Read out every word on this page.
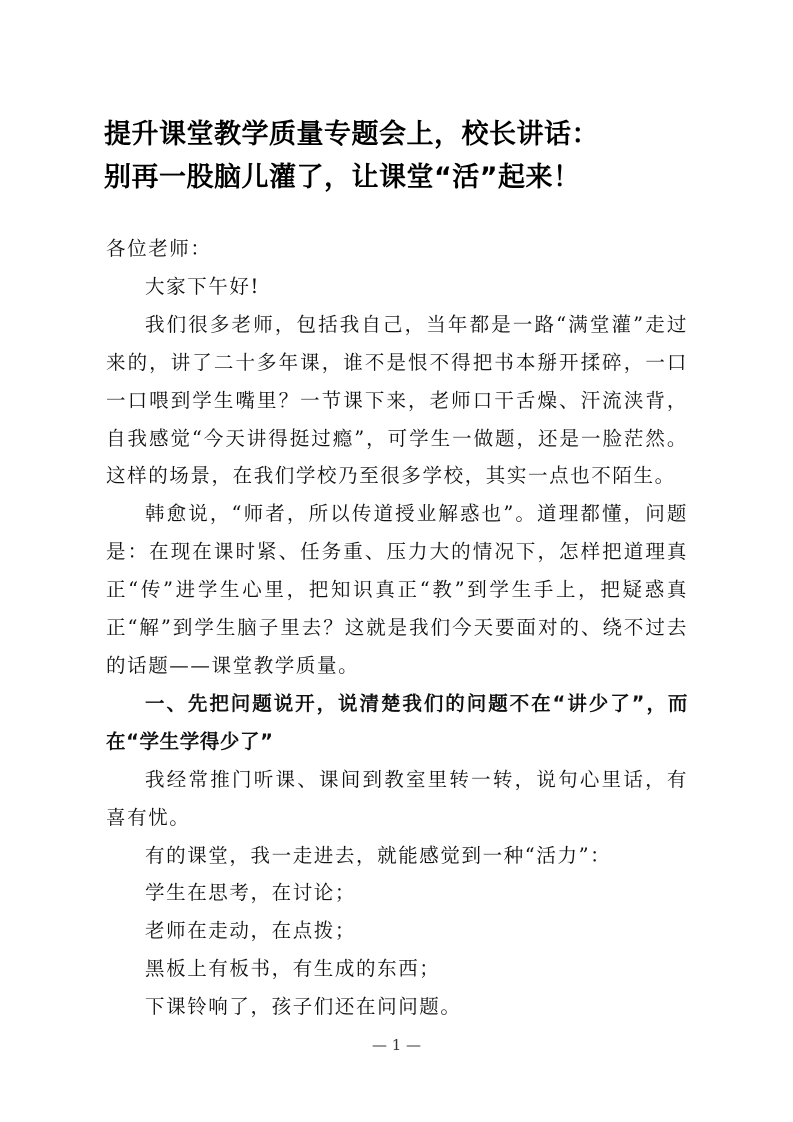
提升课堂教学质量专题会上，校长讲话：
别再一股脑儿灌了，让课堂“活”起来！

各位老师：

大家下午好!

我们很多老师，包括我自己，当年都是一路“满堂灌”走过来的，讲了二十多年课，谁不是恨不得把书本掰开揉碎，一口一口喂到学生嘴里？一节课下来，老师口干舌燥、汗流浃背，自我感觉“今天讲得挺过瘾”，可学生一做题，还是一脸茫然。这样的场景，在我们学校乃至很多学校，其实一点也不陌生。

韩愈说，“师者，所以传道授业解惑也”。道理都懂，问题是：在现在课时紧、任务重、压力大的情况下，怎样把道理真正“传”进学生心里，把知识真正“教”到学生手上，把疑惑真正“解”到学生脑子里去？这就是我们今天要面对的、绕不过去的话题——课堂教学质量。

一、先把问题说开，说清楚我们的问题不在“讲少了”，而在“学生学得少了”

我经常推门听课、课间到教室里转一转，说句心里话，有喜有忧。

有的课堂，我一走进去，就能感觉到一种“活力”：

学生在思考，在讨论；

老师在走动，在点拨；

黑板上有板书，有生成的东西；

下课铃响了，孩子们还在问问题。

— 1 —
